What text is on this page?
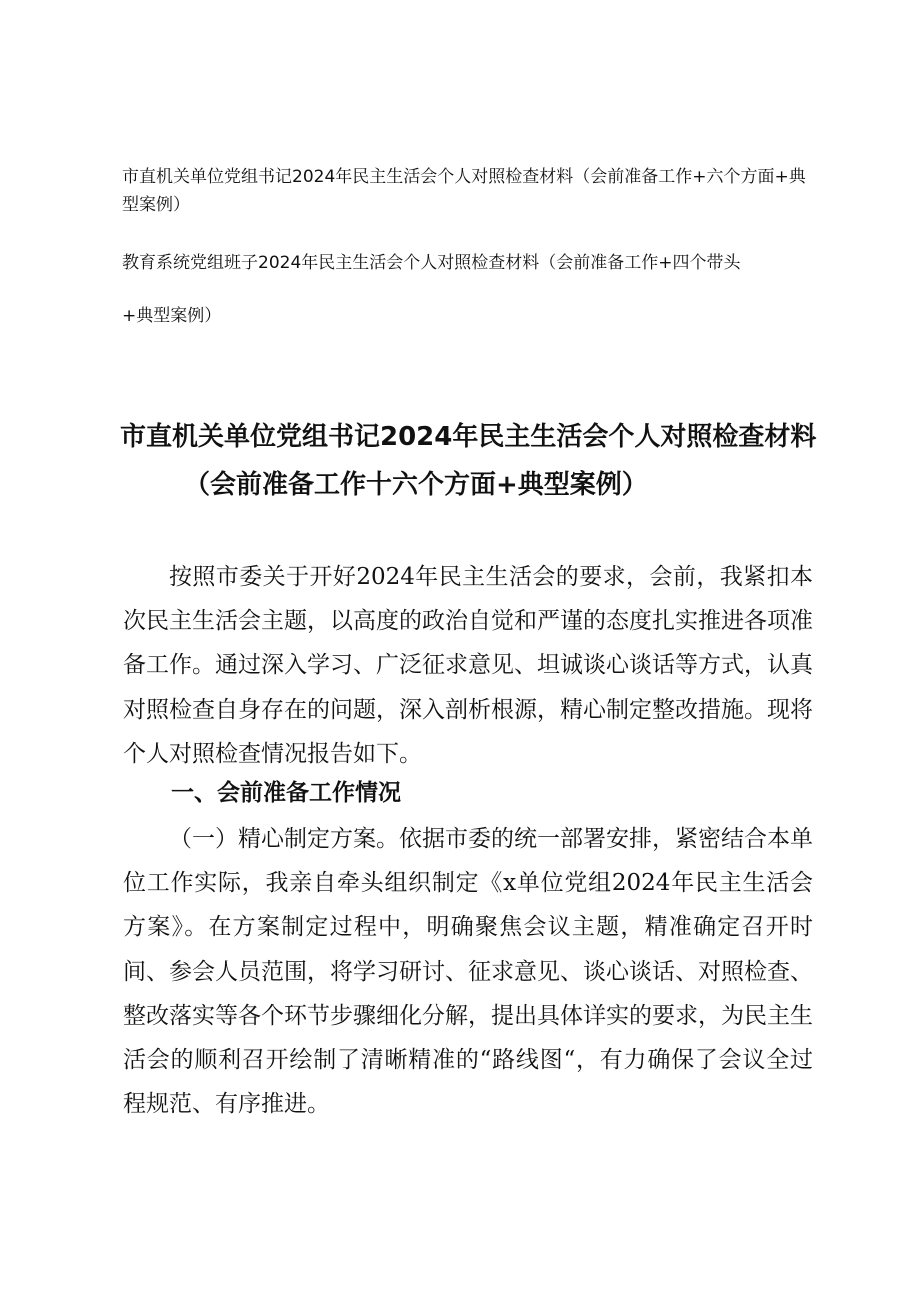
市直机关单位党组书记2024年民主生活会个人对照检查材料（会前准备工作+六个方面+典型案例）

教育系统党组班子2024年民主生活会个人对照检查材料（会前准备工作+四个带头

+典型案例）

市直机关单位党组书记2024年民主生活会个人对照检查材料
（会前准备工作十六个方面+典型案例）

按照市委关于开好2024年民主生活会的要求，会前，我紧扣本次民主生活会主题，以高度的政治自觉和严谨的态度扎实推进各项准备工作。通过深入学习、广泛征求意见、坦诚谈心谈话等方式，认真对照检查自身存在的问题，深入剖析根源，精心制定整改措施。现将个人对照检查情况报告如下。

一、会前准备工作情况

（一）精心制定方案。依据市委的统一部署安排，紧密结合本单位工作实际，我亲自牵头组织制定《x单位党组2024年民主生活会方案》。在方案制定过程中，明确聚焦会议主题，精准确定召开时间、参会人员范围，将学习研讨、征求意见、谈心谈话、对照检查、整改落实等各个环节步骤细化分解，提出具体详实的要求，为民主生活会的顺利召开绘制了清晰精准的“路线图“，有力确保了会议全过程规范、有序推进。
